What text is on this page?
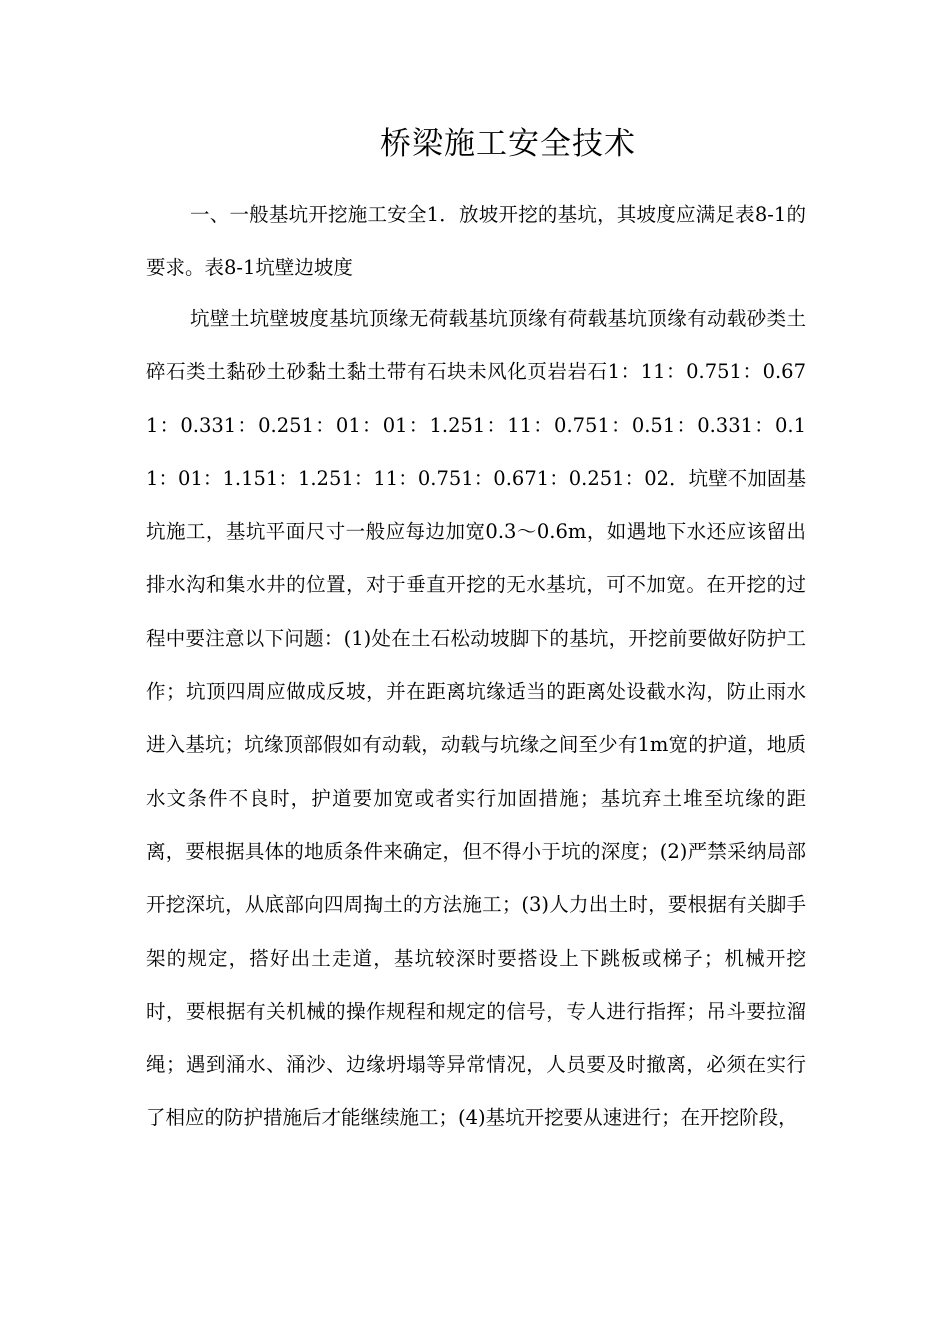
桥梁施工安全技术

一、一般基坑开挖施工安全1．放坡开挖的基坑，其坡度应满足表8-1的要求。表8-1坑壁边坡度

坑壁土坑壁坡度基坑顶缘无荷载基坑顶缘有荷载基坑顶缘有动载砂类土碎石类土黏砂土砂黏土黏土带有石块未风化页岩岩石1：11：0.751：0.671：0.331：0.251：01：01：1.251：11：0.751：0.51：0.331：0.11：01：1.151：1.251：11：0.751：0.671：0.251：02．坑壁不加固基坑施工，基坑平面尺寸一般应每边加宽0.3～0.6m，如遇地下水还应该留出排水沟和集水井的位置，对于垂直开挖的无水基坑，可不加宽。在开挖的过程中要注意以下问题：(1)处在土石松动坡脚下的基坑，开挖前要做好防护工作；坑顶四周应做成反坡，并在距离坑缘适当的距离处设截水沟，防止雨水进入基坑；坑缘顶部假如有动载，动载与坑缘之间至少有1m宽的护道，地质水文条件不良时，护道要加宽或者实行加固措施；基坑弃土堆至坑缘的距离，要根据具体的地质条件来确定，但不得小于坑的深度；(2)严禁采纳局部开挖深坑，从底部向四周掏土的方法施工；(3)人力出土时，要根据有关脚手架的规定，搭好出土走道，基坑较深时要搭设上下跳板或梯子；机械开挖时，要根据有关机械的操作规程和规定的信号，专人进行指挥；吊斗要拉溜绳；遇到涌水、涌沙、边缘坍塌等异常情况，人员要及时撤离，必须在实行了相应的防护措施后才能继续施工；(4)基坑开挖要从速进行；在开挖阶段，
